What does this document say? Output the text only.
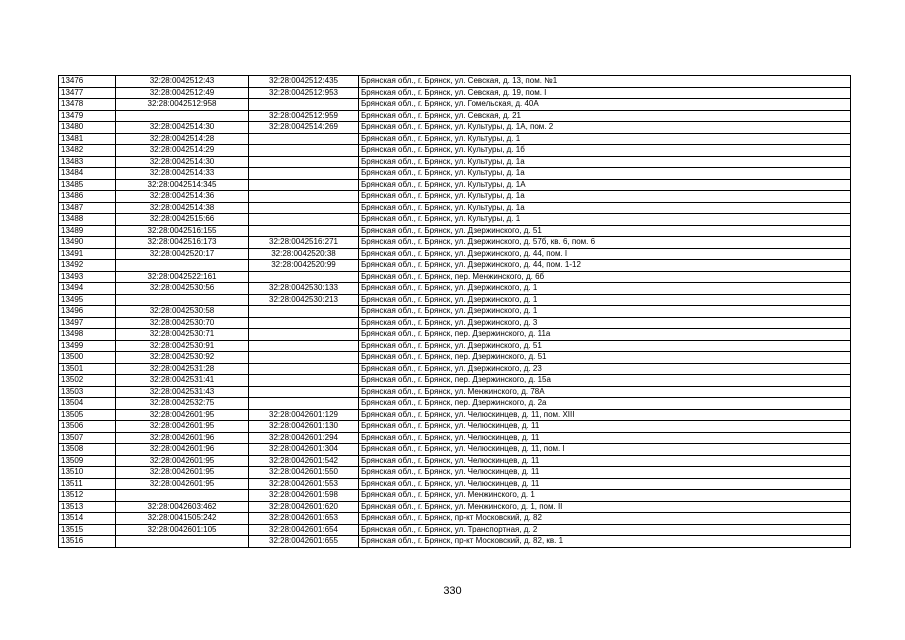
13476	32:28:0042512:43	32:28:0042512:435	Брянская обл., г. Брянск, ул. Севская, д. 13, пом. №1
13477	32:28:0042512:49	32:28:0042512:953	Брянская обл., г. Брянск, ул. Севская, д. 19, пом. I
13478	32:28:0042512:958		Брянская обл., г. Брянск, ул. Гомельская, д. 40А
13479		32:28:0042512:959	Брянская обл., г. Брянск, ул. Севская, д. 21
13480	32:28:0042514:30	32:28:0042514:269	Брянская обл., г. Брянск, ул. Культуры, д. 1А, пом. 2
13481	32:28:0042514:28		Брянская обл., г. Брянск, ул. Культуры, д. 1
13482	32:28:0042514:29		Брянская обл., г. Брянск, ул. Культуры, д. 1б
13483	32:28:0042514:30		Брянская обл., г. Брянск, ул. Культуры, д. 1а
13484	32:28:0042514:33		Брянская обл., г. Брянск, ул. Культуры, д. 1а
13485	32:28:0042514:345		Брянская обл., г. Брянск, ул. Культуры, д. 1А
13486	32:28:0042514:36		Брянская обл., г. Брянск, ул. Культуры, д. 1а
13487	32:28:0042514:38		Брянская обл., г. Брянск, ул. Культуры, д. 1а
13488	32:28:0042515:66		Брянская обл., г. Брянск, ул. Культуры, д. 1
13489	32:28:0042516:155		Брянская обл., г. Брянск, ул. Дзержинского, д. 51
13490	32:28:0042516:173	32:28:0042516:271	Брянская обл., г. Брянск, ул. Дзержинского, д. 57б, кв. 6, пом. 6
13491	32:28:0042520:17	32:28:0042520:38	Брянская обл., г. Брянск, ул. Дзержинского, д. 44, пом. I
13492		32:28:0042520:99	Брянская обл., г. Брянск, ул. Дзержинского, д. 44, пом. 1-12
13493	32:28:0042522:161		Брянская обл., г. Брянск, пер. Менжинского, д. 6б
13494	32:28:0042530:56	32:28:0042530:133	Брянская обл., г. Брянск, ул. Дзержинского, д. 1
13495		32:28:0042530:213	Брянская обл., г. Брянск, ул. Дзержинского, д. 1
13496	32:28:0042530:58		Брянская обл., г. Брянск, ул. Дзержинского, д. 1
13497	32:28:0042530:70		Брянская обл., г. Брянск, ул. Дзержинского, д. 3
13498	32:28:0042530:71		Брянская обл., г. Брянск, пер. Дзержинского, д. 11а
13499	32:28:0042530:91		Брянская обл., г. Брянск, ул. Дзержинского, д. 51
13500	32:28:0042530:92		Брянская обл., г. Брянск, пер. Дзержинского, д. 51
13501	32:28:0042531:28		Брянская обл., г. Брянск, ул. Дзержинского, д. 23
13502	32:28:0042531:41		Брянская обл., г. Брянск, пер. Дзержинского, д. 15а
13503	32:28:0042531:43		Брянская обл., г. Брянск, ул. Менжинского, д. 78А
13504	32:28:0042532:75		Брянская обл., г. Брянск, пер. Дзержинского, д. 2а
13505	32:28:0042601:95	32:28:0042601:129	Брянская обл., г. Брянск, ул. Челюскинцев, д. 11, пом. XIII
13506	32:28:0042601:95	32:28:0042601:130	Брянская обл., г. Брянск, ул. Челюскинцев, д. 11
13507	32:28:0042601:96	32:28:0042601:294	Брянская обл., г. Брянск, ул. Челюскинцев, д. 11
13508	32:28:0042601:96	32:28:0042601:304	Брянская обл., г. Брянск, ул. Челюскинцев, д. 11, пом. I
13509	32:28:0042601:95	32:28:0042601:542	Брянская обл., г. Брянск, ул. Челюскинцев, д. 11
13510	32:28:0042601:95	32:28:0042601:550	Брянская обл., г. Брянск, ул. Челюскинцев, д. 11
13511	32:28:0042601:95	32:28:0042601:553	Брянская обл., г. Брянск, ул. Челюскинцев, д. 11
13512		32:28:0042601:598	Брянская обл., г. Брянск, ул. Менжинского, д. 1
13513	32:28:0042603:462	32:28:0042601:620	Брянская обл., г. Брянск, ул. Менжинского, д. 1, пом. II
13514	32:28:0041505:242	32:28:0042601:653	Брянская обл., г. Брянск, пр-кт Московский, д. 82
13515	32:28:0042601:105	32:28:0042601:654	Брянская обл., г. Брянск, ул. Транспортная, д. 2
13516		32:28:0042601:655	Брянская обл., г. Брянск, пр-кт Московский, д. 82, кв. 1
330
